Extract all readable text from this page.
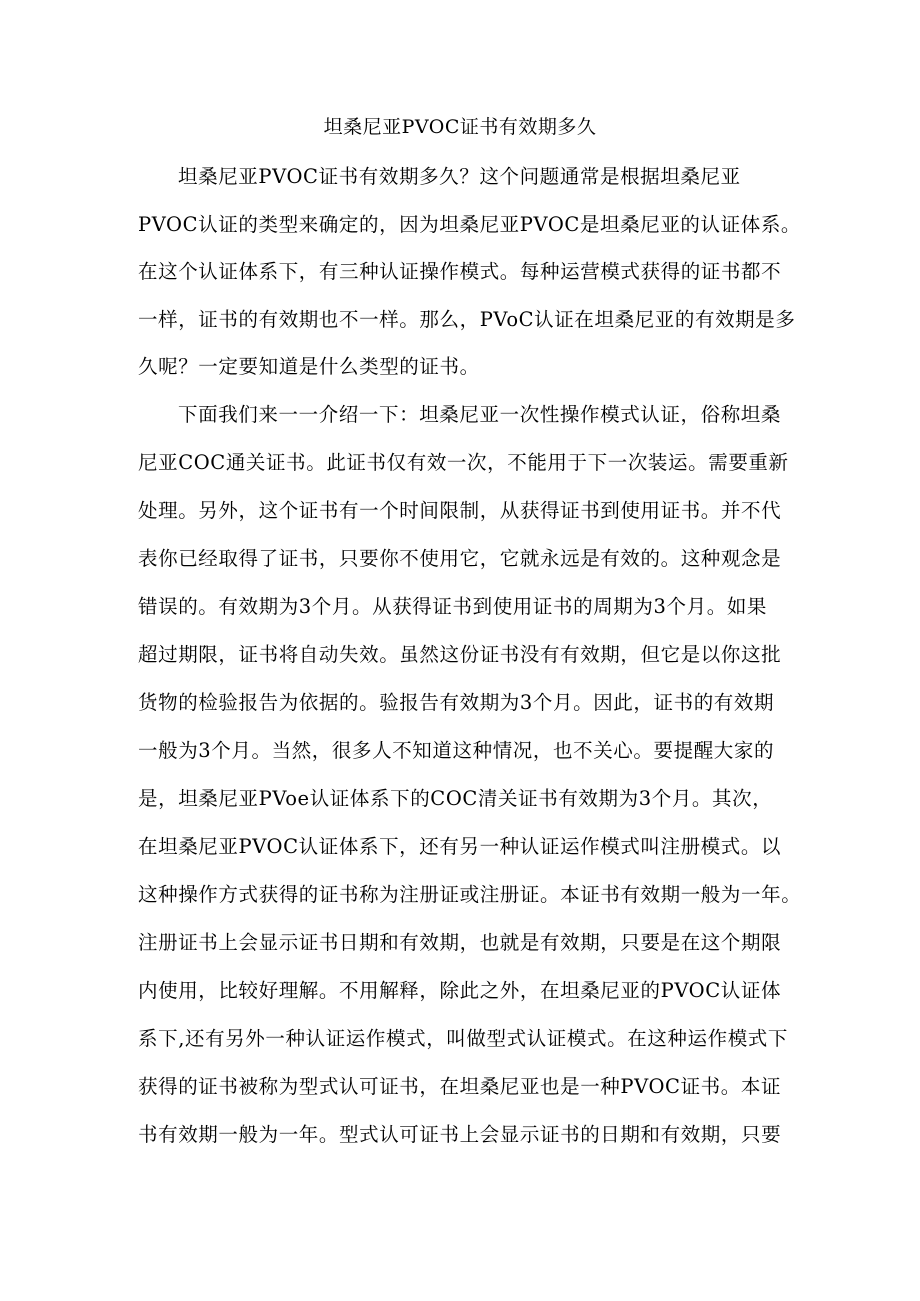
坦桑尼亚PVOC证书有效期多久
坦桑尼亚PVOC证书有效期多久？这个问题通常是根据坦桑尼亚
PVOC认证的类型来确定的，因为坦桑尼亚PVOC是坦桑尼亚的认证体系。
在这个认证体系下，有三种认证操作模式。每种运营模式获得的证书都不
一样，证书的有效期也不一样。那么，PVoC认证在坦桑尼亚的有效期是多
久呢？一定要知道是什么类型的证书。
下面我们来一一介绍一下：坦桑尼亚一次性操作模式认证，俗称坦桑
尼亚COC通关证书。此证书仅有效一次，不能用于下一次装运。需要重新
处理。另外，这个证书有一个时间限制，从获得证书到使用证书。并不代
表你已经取得了证书，只要你不使用它，它就永远是有效的。这种观念是
错误的。有效期为3个月。从获得证书到使用证书的周期为3个月。如果
超过期限，证书将自动失效。虽然这份证书没有有效期，但它是以你这批
货物的检验报告为依据的。验报告有效期为3个月。因此，证书的有效期
一般为3个月。当然，很多人不知道这种情况，也不关心。要提醒大家的
是，坦桑尼亚PVoe认证体系下的COC清关证书有效期为3个月。其次，
在坦桑尼亚PVOC认证体系下，还有另一种认证运作模式叫注册模式。以
这种操作方式获得的证书称为注册证或注册证。本证书有效期一般为一年。
注册证书上会显示证书日期和有效期，也就是有效期，只要是在这个期限
内使用，比较好理解。不用解释，除此之外，在坦桑尼亚的PVOC认证体
系下,还有另外一种认证运作模式，叫做型式认证模式。在这种运作模式下
获得的证书被称为型式认可证书，在坦桑尼亚也是一种PVOC证书。本证
书有效期一般为一年。型式认可证书上会显示证书的日期和有效期，只要
